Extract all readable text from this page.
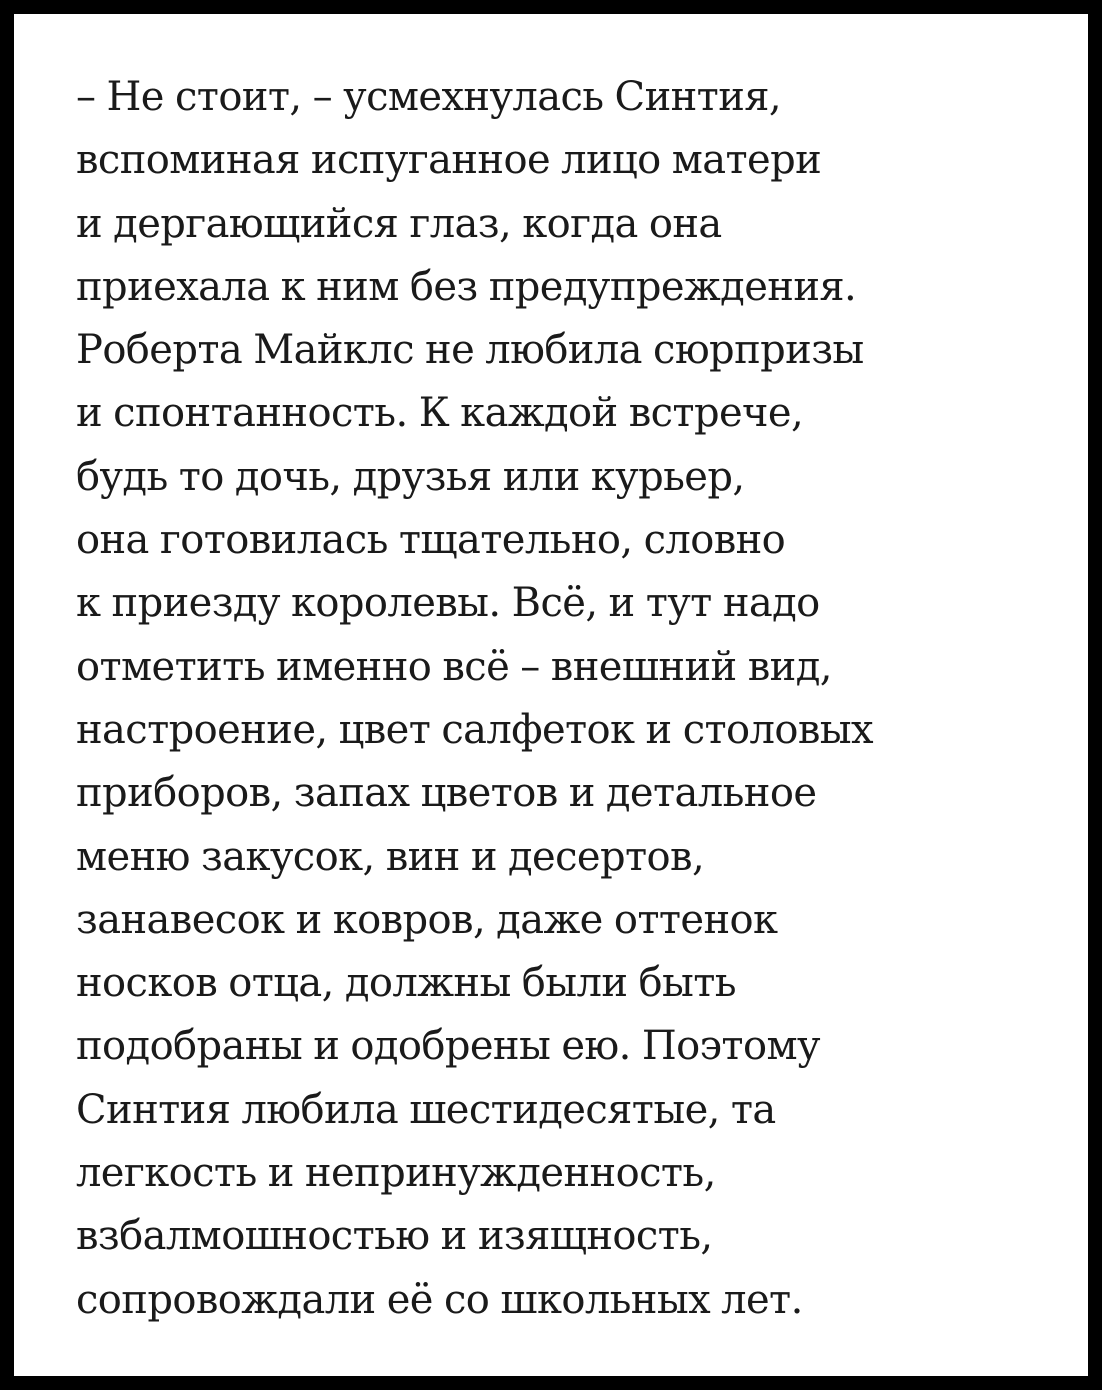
– Не стоит, – усмехнулась Синтия,
вспоминая испуганное лицо матери
и дергающийся глаз, когда она
приехала к ним без предупреждения.
Роберта Майклс не любила сюрпризы
и спонтанность. К каждой встрече,
будь то дочь, друзья или курьер,
она готовилась тщательно, словно
к приезду королевы. Всё, и тут надо
отметить именно всё – внешний вид,
настроение, цвет салфеток и столовых
приборов, запах цветов и детальное
меню закусок, вин и десертов,
занавесок и ковров, даже оттенок
носков отца, должны были быть
подобраны и одобрены ею. Поэтому
Синтия любила шестидесятые, та
легкость и непринужденность,
взбалмошностью и изящность,
сопровождали её со школьных лет.
